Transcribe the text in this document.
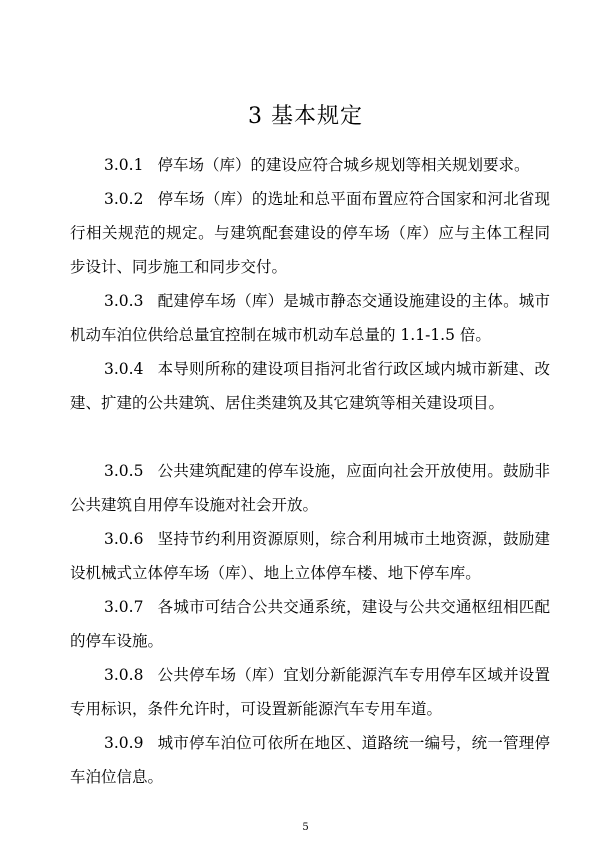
3 基本规定
3.0.1 停车场（库）的建设应符合城乡规划等相关规划要求。
3.0.2 停车场（库）的选址和总平面布置应符合国家和河北省现行相关规范的规定。与建筑配套建设的停车场（库）应与主体工程同步设计、同步施工和同步交付。
3.0.3 配建停车场（库）是城市静态交通设施建设的主体。城市机动车泊位供给总量宜控制在城市机动车总量的 1.1-1.5 倍。
3.0.4 本导则所称的建设项目指河北省行政区域内城市新建、改建、扩建的公共建筑、居住类建筑及其它建筑等相关建设项目。
3.0.5 公共建筑配建的停车设施，应面向社会开放使用。鼓励非公共建筑自用停车设施对社会开放。
3.0.6 坚持节约利用资源原则，综合利用城市土地资源，鼓励建设机械式立体停车场（库）、地上立体停车楼、地下停车库。
3.0.7 各城市可结合公共交通系统，建设与公共交通枢纽相匹配的停车设施。
3.0.8 公共停车场（库）宜划分新能源汽车专用停车区域并设置专用标识，条件允许时，可设置新能源汽车专用车道。
3.0.9 城市停车泊位可依所在地区、道路统一编号，统一管理停车泊位信息。
5
